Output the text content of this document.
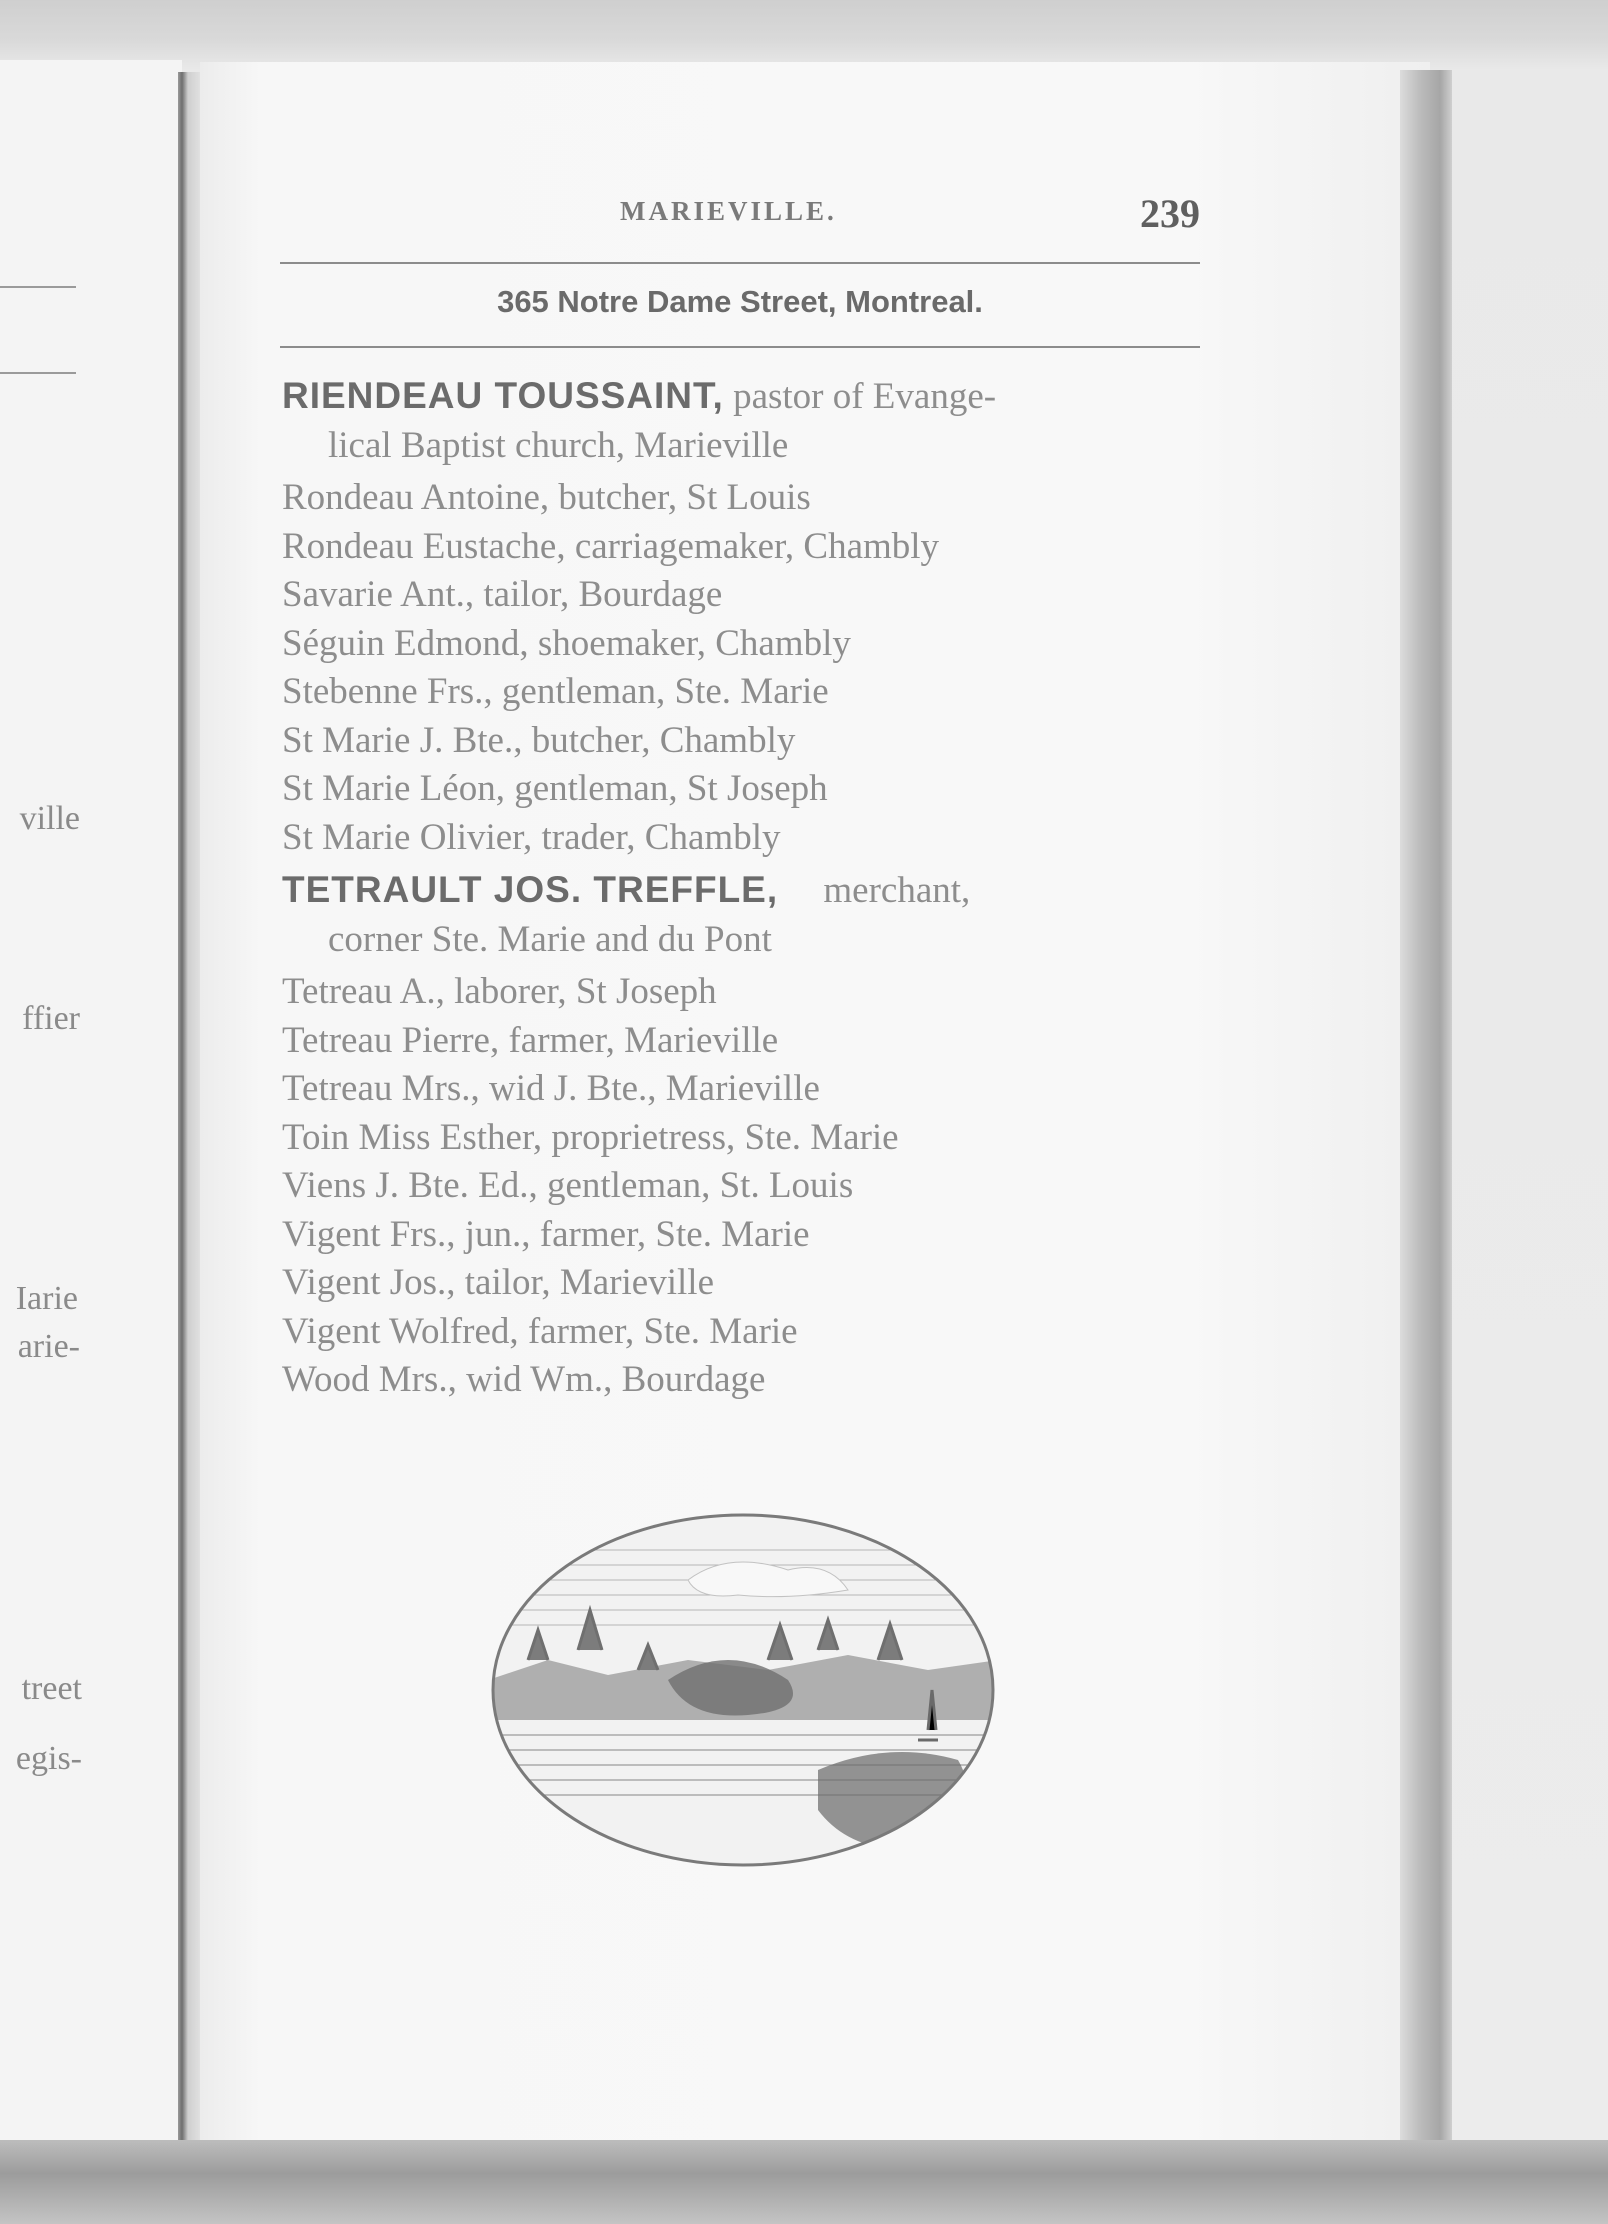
ville
ffier
Iarie
arie-
treet
egis-
MARIEVILLE.	239
365 Notre Dame Street, Montreal.
RIENDEAU TOUSSAINT, pastor of Evange-
lical Baptist church, Marieville
Rondeau Antoine, butcher, St Louis
Rondeau Eustache, carriagemaker, Chambly
Savarie Ant., tailor, Bourdage
Séguin Edmond, shoemaker, Chambly
Stebenne Frs., gentleman, Ste. Marie
St Marie J. Bte., butcher, Chambly
St Marie Léon, gentleman, St Joseph
St Marie Olivier, trader, Chambly
TETRAULT JOS. TREFFLE, merchant,
corner Ste. Marie and du Pont
Tetreau A., laborer, St Joseph
Tetreau Pierre, farmer, Marieville
Tetreau Mrs., wid J. Bte., Marieville
Toin Miss Esther, proprietress, Ste. Marie
Viens J. Bte. Ed., gentleman, St. Louis
Vigent Frs., jun., farmer, Ste. Marie
Vigent Jos., tailor, Marieville
Vigent Wolfred, farmer, Ste. Marie
Wood Mrs., wid Wm., Bourdage
